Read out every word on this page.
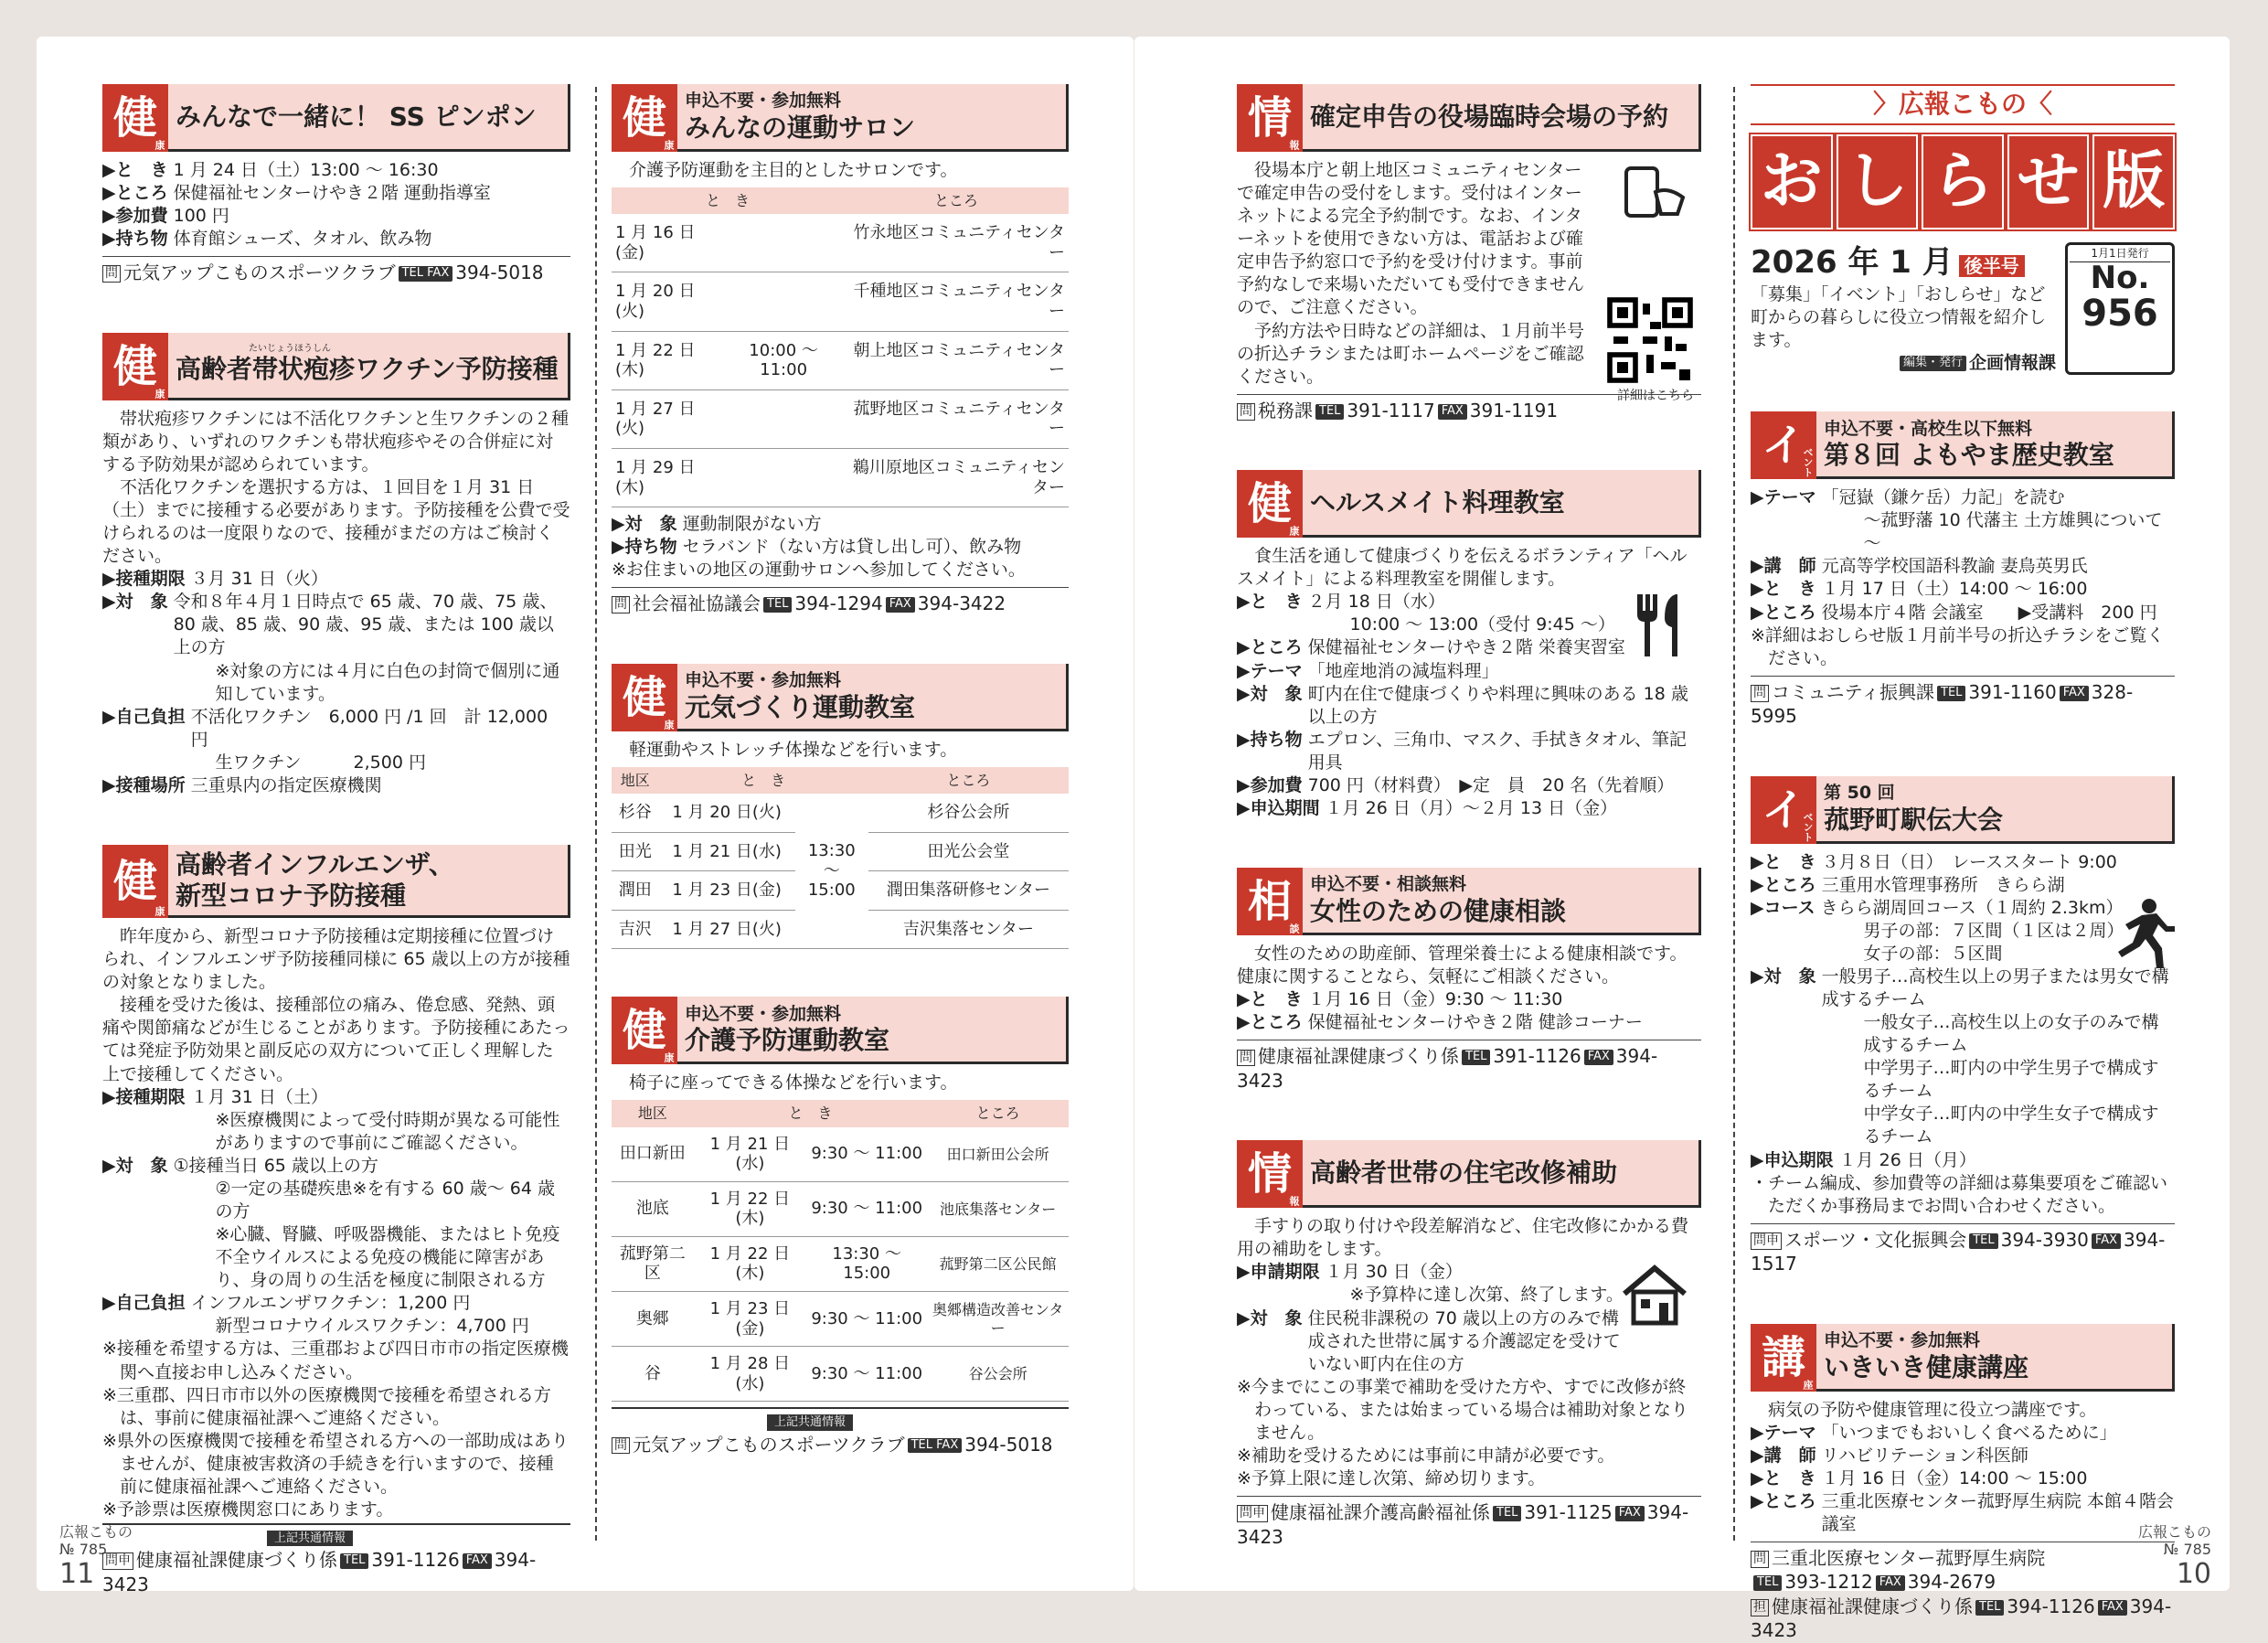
健
康
みんなで一緒に！ SS ピンポン
▶と　き 1 月 24 日（土）13:00 ～ 16:30
▶ところ 保健福祉センターけやき２階 運動指導室
▶参加費 100 円
▶持ち物 体育館シューズ、タオル、飲み物
問 元気アップこものスポーツクラブ TEL FAX 394-5018
健
康
たいじょうほうしん
高齢者帯状疱疹ワクチン予防接種

帯状疱疹ワクチンには不活化ワクチンと生ワクチンの２種類があり、いずれのワクチンも帯状疱疹やその合併症に対する予防効果が認められています。

不活化ワクチンを選択する方は、１回目を１月 31 日（土）までに接種する必要があります。予防接種を公費で受けられるのは一度限りなので、接種がまだの方はご検討ください。

▶接種期限 ３月 31 日（火）
▶対　象 令和８年４月１日時点で 65 歳、70 歳、75 歳、80 歳、85 歳、90 歳、95 歳、または 100 歳以上の方
※対象の方には４月に白色の封筒で個別に通知しています。
▶自己負担 不活化ワクチン　6,000 円 /1 回　計 12,000 円
生ワクチン　　　2,500 円
▶接種場所 三重県内の指定医療機関
健
康
高齢者インフルエンザ、
新型コロナ予防接種

昨年度から、新型コロナ予防接種は定期接種に位置づけられ、インフルエンザ予防接種同様に 65 歳以上の方が接種の対象となりました。

接種を受けた後は、接種部位の痛み、倦怠感、発熱、頭痛や関節痛などが生じることがあります。予防接種にあたっては発症予防効果と副反応の双方について正しく理解した上で接種してください。

▶接種期限 １月 31 日（土）
※医療機関によって受付時期が異なる可能性がありますので事前にご確認ください。
▶対　象 ①接種当日 65 歳以上の方
②一定の基礎疾患※を有する 60 歳～ 64 歳の方
※心臓、腎臓、呼吸器機能、またはヒト免疫不全ウイルスによる免疫の機能に障害があり、身の周りの生活を極度に制限される方
▶自己負担 インフルエンザワクチン：1,200 円
新型コロナウイルスワクチン：4,700 円

※接種を希望する方は、三重郡および四日市市の指定医療機関へ直接お申し込みください。

※三重郡、四日市市以外の医療機関で接種を希望される方は、事前に健康福祉課へご連絡ください。

※県外の医療機関で接種を希望される方への一部助成はありませんが、健康被害救済の手続きを行いますので、接種前に健康福祉課へご連絡ください。

※予診票は医療機関窓口にあります。

上記共通情報
問申 健康福祉課健康づくり係 TEL 391-1126 FAX 394-3423
健
康
申込不要・参加無料
みんなの運動サロン

介護予防運動を主目的としたサロンです。

と　き		ところ
1 月 16 日 (金)		竹永地区コミュニティセンター
1 月 20 日 (火)		千種地区コミュニティセンター
1 月 22 日 (木)	10:00 ～ 11:00	朝上地区コミュニティセンター
1 月 27 日 (火)		菰野地区コミュニティセンター
1 月 29 日 (木)		鵜川原地区コミュニティセンター
▶対　象 運動制限がない方
▶持ち物 セラバンド（ない方は貸し出し可）、飲み物

※お住まいの地区の運動サロンへ参加してください。

問 社会福祉協議会 TEL 394-1294 FAX 394-3422
健
康
申込不要・参加無料
元気づくり運動教室

軽運動やストレッチ体操などを行います。

地区	と　き		ところ
杉谷	1 月 20 日(火)	13:30 ～ 15:00	杉谷公会所
田光	1 月 21 日(水)		田光公会堂
潤田	1 月 23 日(金)		潤田集落研修センター
吉沢	1 月 27 日(火)		吉沢集落センター
健
康
申込不要・参加無料
介護予防運動教室

椅子に座ってできる体操などを行います。

地区	と　き		ところ
田口新田	1 月 21 日 (水)	9:30 ～ 11:00	田口新田公会所
池底	1 月 22 日 (木)	9:30 ～ 11:00	池底集落センター
菰野第二区	1 月 22 日 (木)	13:30 ～ 15:00	菰野第二区公民館
奥郷	1 月 23 日 (金)	9:30 ～ 11:00	奥郷構造改善センター
谷	1 月 28 日 (水)	9:30 ～ 11:00	谷公会所
上記共通情報
問 元気アップこものスポーツクラブ TEL FAX 394-5018
広報こもの
№ 785
11
情
報
確定申告の役場臨時会場の予約

役場本庁と朝上地区コミュニティセンターで確定申告の受付をします。受付はインターネットによる完全予約制です。なお、インターネットを使用できない方は、電話および確定申告予約窓口で予約を受け付けます。事前予約なしで来場いただいても受付できませんので、ご注意ください。

予約方法や日時などの詳細は、１月前半号の折込チラシまたは町ホームページをご確認ください。

詳細はこちら
問 税務課 TEL 391-1117 FAX 391-1191
健
康
ヘルスメイト料理教室

食生活を通して健康づくりを伝えるボランティア「ヘルスメイト」による料理教室を開催します。

▶と　き ２月 18 日（水）
10:00 ～ 13:00（受付 9:45 ～）
▶ところ 保健福祉センターけやき２階 栄養実習室
▶テーマ 「地産地消の減塩料理」
▶対　象 町内在住で健康づくりや料理に興味のある 18 歳以上の方
▶持ち物 エプロン、三角巾、マスク、手拭きタオル、筆記用具
▶参加費 700 円（材料費）　▶定　員　20 名（先着順）
▶申込期間 １月 26 日（月）～２月 13 日（金）
相
談
申込不要・相談無料
女性のための健康相談

女性のための助産師、管理栄養士による健康相談です。健康に関することなら、気軽にご相談ください。

▶と　き １月 16 日（金）9:30 ～ 11:30
▶ところ 保健福祉センターけやき２階 健診コーナー
問 健康福祉課健康づくり係 TEL 391-1126 FAX 394-3423
情
報
高齢者世帯の住宅改修補助

手すりの取り付けや段差解消など、住宅改修にかかる費用の補助をします。

▶申請期限 １月 30 日（金）
※予算枠に達し次第、終了します。
▶対　象 住民税非課税の 70 歳以上の方のみで構成された世帯に属する介護認定を受けていない町内在住の方

※今までにこの事業で補助を受けた方や、すでに改修が終わっている、または始まっている場合は補助対象となりません。

※補助を受けるためには事前に申請が必要です。

※予算上限に達し次第、締め切ります。

問申 健康福祉課介護高齢福祉係 TEL 391-1125 FAX 394-3423
〉広報こもの〈
お し ら せ 版
2026 年 1 月 後半号

「募集」「イベント」「おしらせ」など町からの暮らしに役立つ情報を紹介します。

編集・発行 企画情報課
1月1日発行
No.
956
イ
ベント
申込不要・高校生以下無料
第８回 よもやま歴史教室
▶テーマ 「冠嶽（鎌ケ岳）力記」を読む
～菰野藩 10 代藩主 土方雄興について～
▶講　師 元高等学校国語科教諭 妻鳥英男氏
▶と　き １月 17 日（土）14:00 ～ 16:00
▶ところ 役場本庁４階 会議室　　▶受講料　200 円

※詳細はおしらせ版１月前半号の折込チラシをご覧ください。

問 コミュニティ振興課 TEL 391-1160 FAX 328-5995
イ
ベント
第 50 回
菰野町駅伝大会
▶と　き ３月８日（日）　レーススタート 9:00
▶ところ 三重用水管理事務所　きらら湖
▶コース きらら湖周回コース（１周約 2.3km）
男子の部：７区間（１区は２周）
女子の部：５区間
▶対　象 一般男子…高校生以上の男子または男女で構成するチーム
一般女子…高校生以上の女子のみで構成するチーム
中学男子…町内の中学生男子で構成するチーム
中学女子…町内の中学生女子で構成するチーム
▶申込期限 １月 26 日（月）

・チーム編成、参加費等の詳細は募集要項をご確認いただくか事務局までお問い合わせください。

問申 スポーツ・文化振興会 TEL 394-3930 FAX 394-1517
講
座
申込不要・参加無料
いきいき健康講座

病気の予防や健康管理に役立つ講座です。

▶テーマ 「いつまでもおいしく食べるために」
▶講　師 リハビリテーション科医師
▶と　き １月 16 日（金）14:00 ～ 15:00
▶ところ 三重北医療センター菰野厚生病院 本館４階会議室
問 三重北医療センター菰野厚生病院
TEL 393-1212 FAX 394-2679
担 健康福祉課健康づくり係 TEL 394-1126 FAX 394-3423
広報こもの
№ 785
10
